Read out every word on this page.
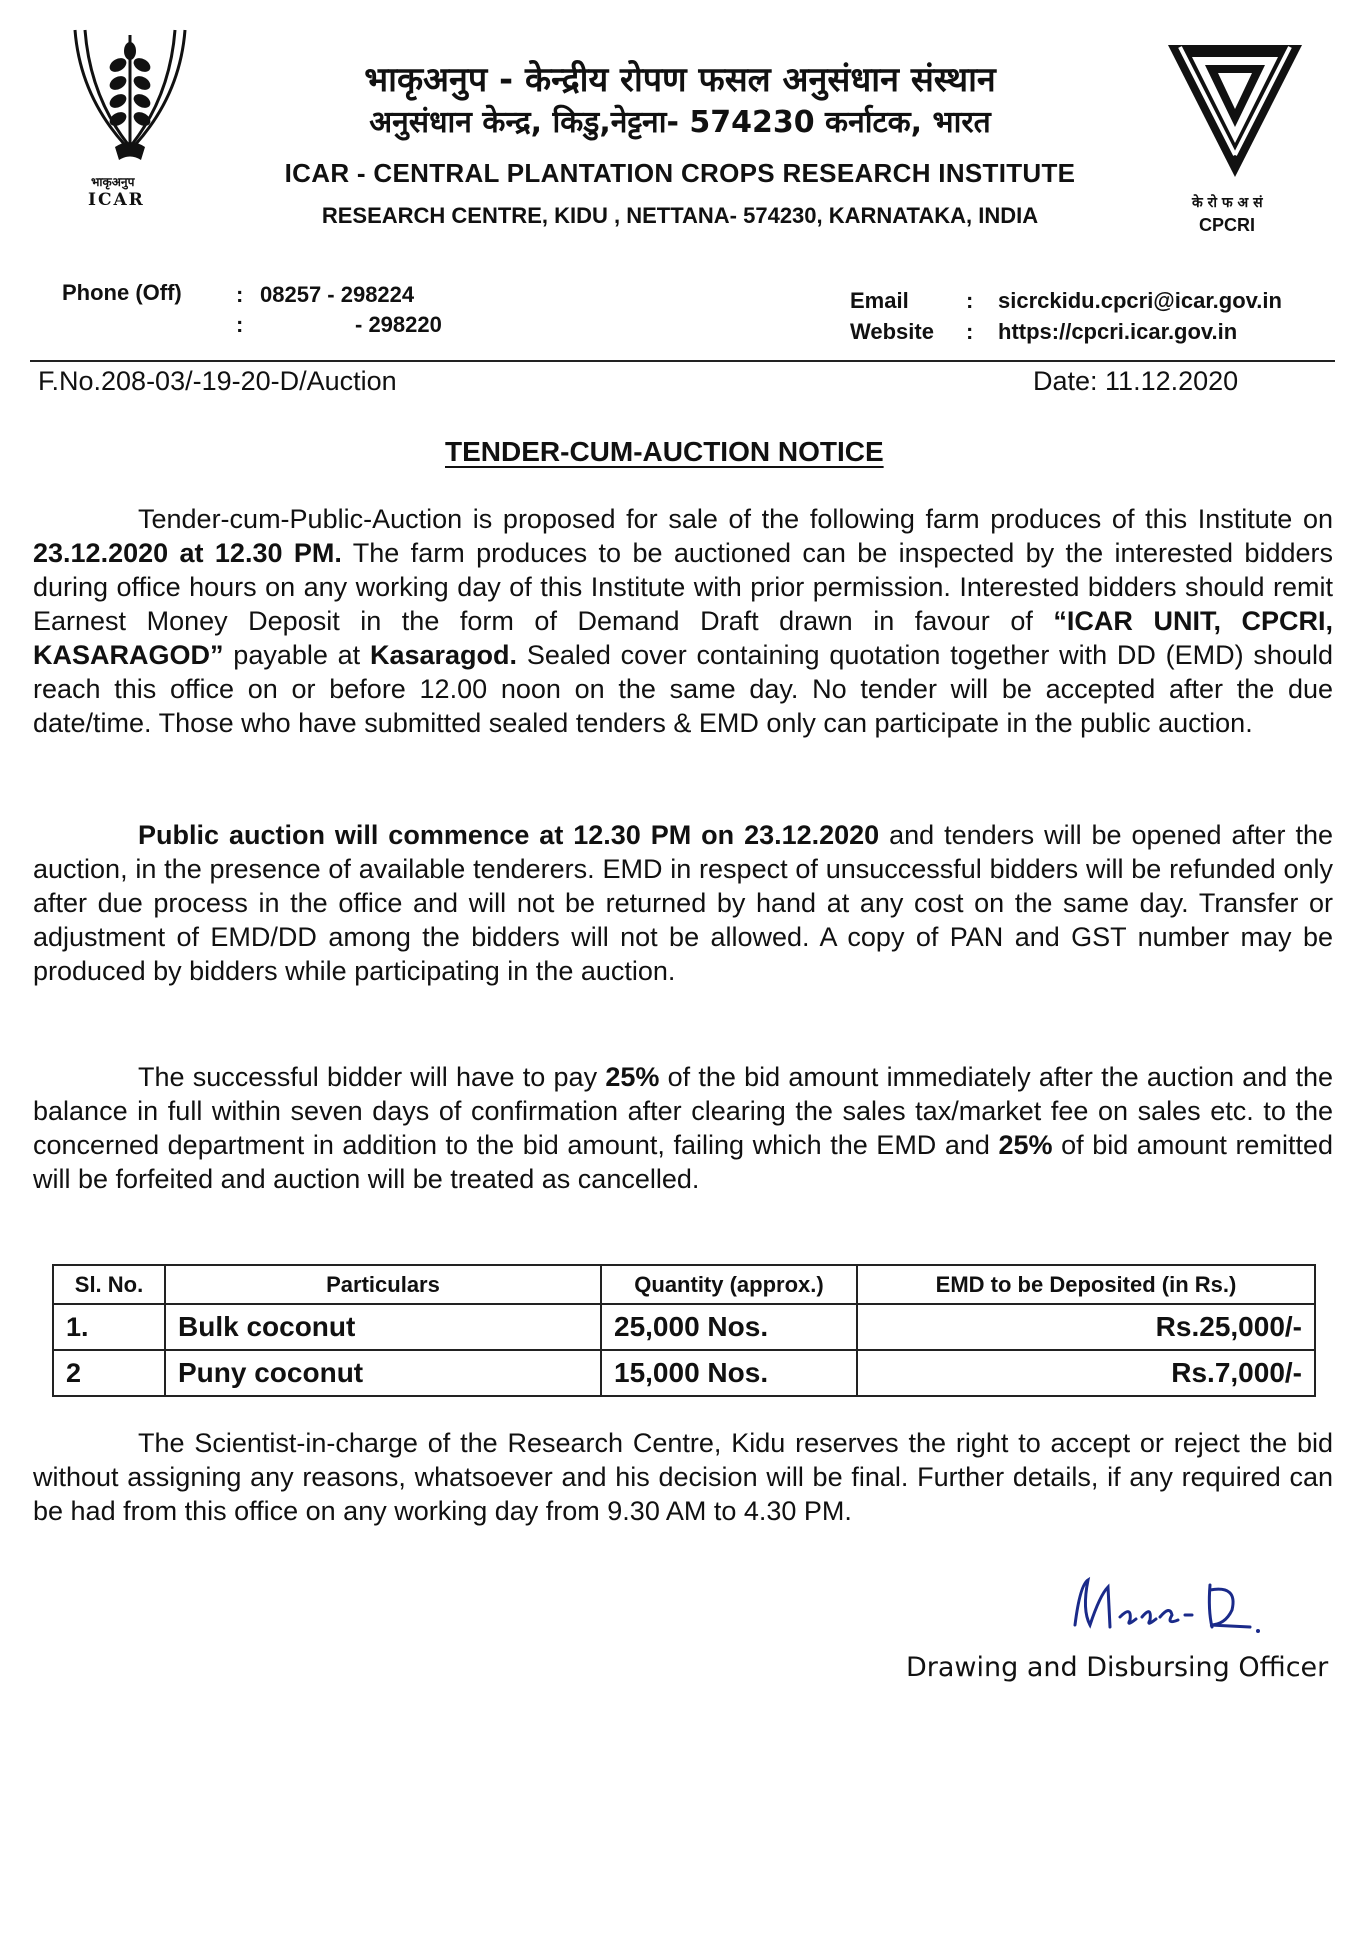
भाकृअनुप
ICAR
भाकृअनुप - केन्द्रीय रोपण फसल अनुसंधान संस्थान
अनुसंधान केन्द्र, किडु,नेट्टना- 574230 कर्नाटक, भारत
ICAR - CENTRAL PLANTATION CROPS RESEARCH INSTITUTE
RESEARCH CENTRE, KIDU , NETTANA- 574230, KARNATAKA, INDIA	के रो फ अ सं
CPCRI
Phone (Off) : 08257 - 298224
:	- 298220
Email	: sicrckidu.cpcri@icar.gov.in
Website : https://cpcri.icar.gov.in
F.No.208-03/-19-20-D/Auction	Date: 11.12.2020
TENDER-CUM-AUCTION NOTICE

Tender-cum-Public-Auction is proposed for sale of the following farm produces of this Institute on 23.12.2020 at 12.30 PM. The farm produces to be auctioned can be inspected by the interested bidders during office hours on any working day of this Institute with prior permission. Interested bidders should remit Earnest Money Deposit in the form of Demand Draft drawn in favour of “ICAR UNIT, CPCRI, KASARAGOD” payable at Kasaragod. Sealed cover containing quotation together with DD (EMD) should reach this office on or before 12.00 noon on the same day. No tender will be accepted after the due date/time. Those who have submitted sealed tenders & EMD only can participate in the public auction.

Public auction will commence at 12.30 PM on 23.12.2020 and tenders will be opened after the auction, in the presence of available tenderers. EMD in respect of unsuccessful bidders will be refunded only after due process in the office and will not be returned by hand at any cost on the same day. Transfer or adjustment of EMD/DD among the bidders will not be allowed. A copy of PAN and GST number may be produced by bidders while participating in the auction.

The successful bidder will have to pay 25% of the bid amount immediately after the auction and the balance in full within seven days of confirmation after clearing the sales tax/market fee on sales etc. to the concerned department in addition to the bid amount, failing which the EMD and 25% of bid amount remitted will be forfeited and auction will be treated as cancelled.

Sl. No.	Particulars	Quantity (approx.)	EMD to be Deposited (in Rs.)
1.	Bulk coconut	25,000 Nos.	Rs.25,000/-
2	Puny coconut	15,000 Nos.	Rs.7,000/-

The Scientist-in-charge of the Research Centre, Kidu reserves the right to accept or reject the bid without assigning any reasons, whatsoever and his decision will be final. Further details, if any required can be had from this office on any working day from 9.30 AM to 4.30 PM.

Drawing and Disbursing Officer
